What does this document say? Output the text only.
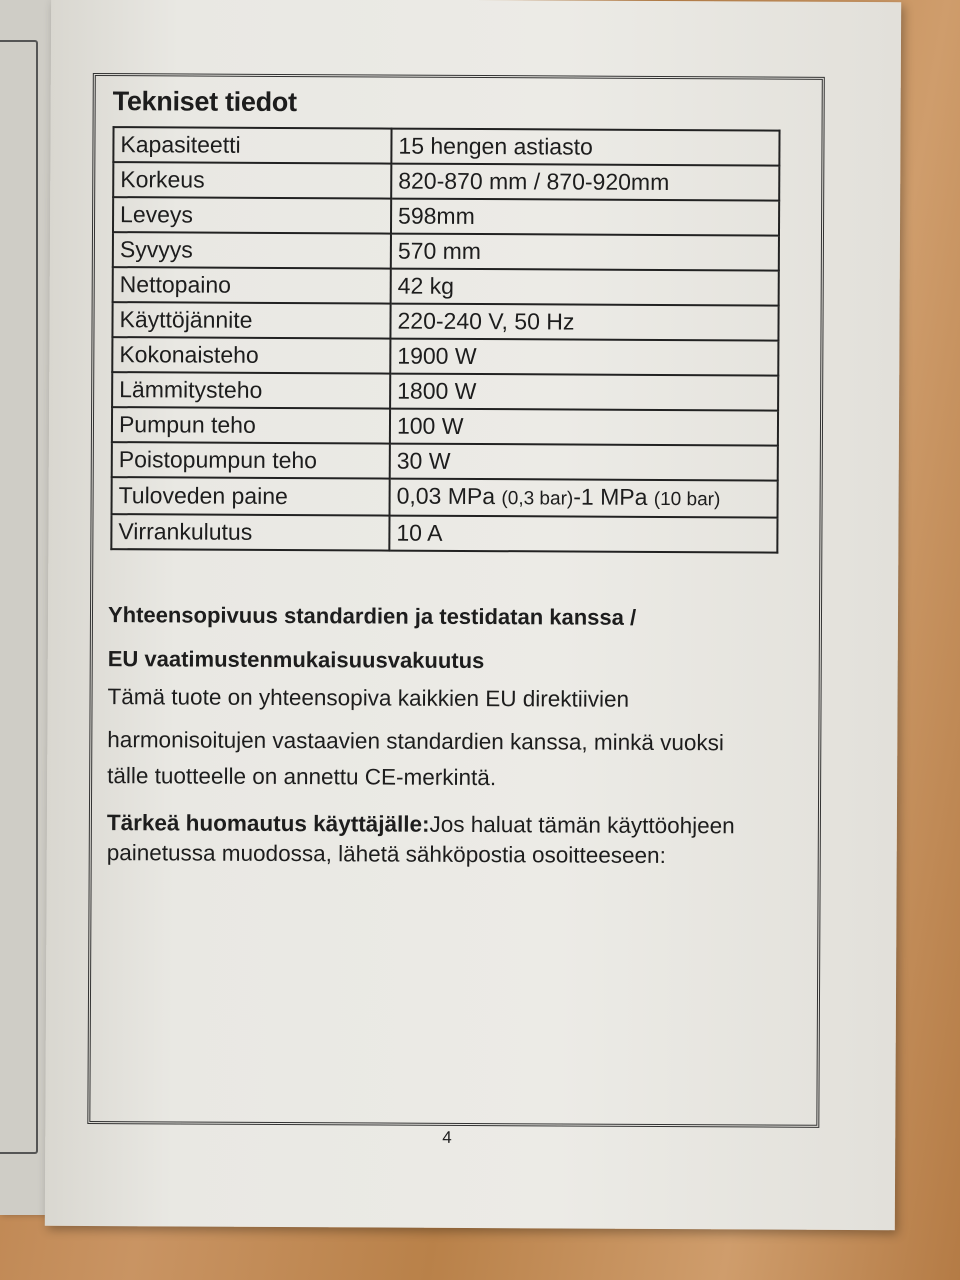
Tekniset tiedot
Kapasiteetti	15 hengen astiasto
Korkeus	820-870 mm / 870-920mm
Leveys	598mm
Syvyys	570 mm
Nettopaino	42 kg
Käyttöjännite	220-240 V, 50 Hz
Kokonaisteho	1900 W
Lämmitysteho	1800 W
Pumpun teho	100 W
Poistopumpun teho	30 W
Tuloveden paine	0,03 MPa (0,3 bar)-1 MPa (10 bar)
Virrankulutus	10 A
Yhteensopivuus standardien ja testidatan kanssa /
EU vaatimustenmukaisuusvakuutus
Tämä tuote on yhteensopiva kaikkien EU direktiivien
harmonisoitujen vastaavien standardien kanssa, minkä vuoksi
tälle tuotteelle on annettu CE-merkintä.
Tärkeä huomautus käyttäjälle:Jos haluat tämän käyttöohjeen
painetussa muodossa, lähetä sähköpostia osoitteeseen:
4
